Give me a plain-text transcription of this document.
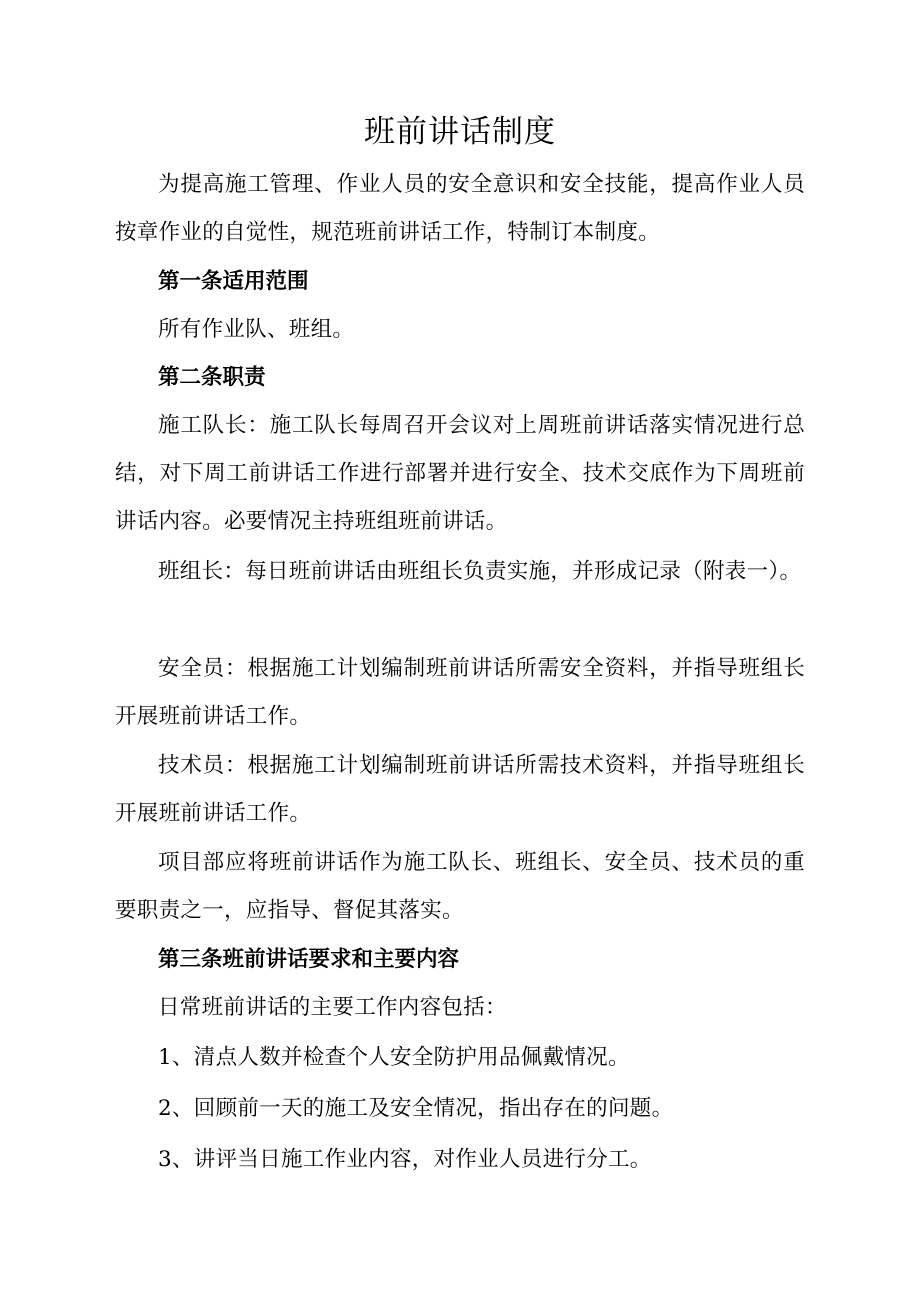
班前讲话制度

为提高施工管理、作业人员的安全意识和安全技能，提高作业人员按章作业的自觉性，规范班前讲话工作，特制订本制度。

第一条适用范围

所有作业队、班组。

第二条职责

施工队长：施工队长每周召开会议对上周班前讲话落实情况进行总结，对下周工前讲话工作进行部署并进行安全、技术交底作为下周班前讲话内容。必要情况主持班组班前讲话。

班组长：每日班前讲话由班组长负责实施，并形成记录（附表一）。

安全员：根据施工计划编制班前讲话所需安全资料，并指导班组长开展班前讲话工作。

技术员：根据施工计划编制班前讲话所需技术资料，并指导班组长开展班前讲话工作。

项目部应将班前讲话作为施工队长、班组长、安全员、技术员的重要职责之一，应指导、督促其落实。

第三条班前讲话要求和主要内容

日常班前讲话的主要工作内容包括：

1、清点人数并检查个人安全防护用品佩戴情况。

2、回顾前一天的施工及安全情况，指出存在的问题。

3、讲评当日施工作业内容，对作业人员进行分工。
